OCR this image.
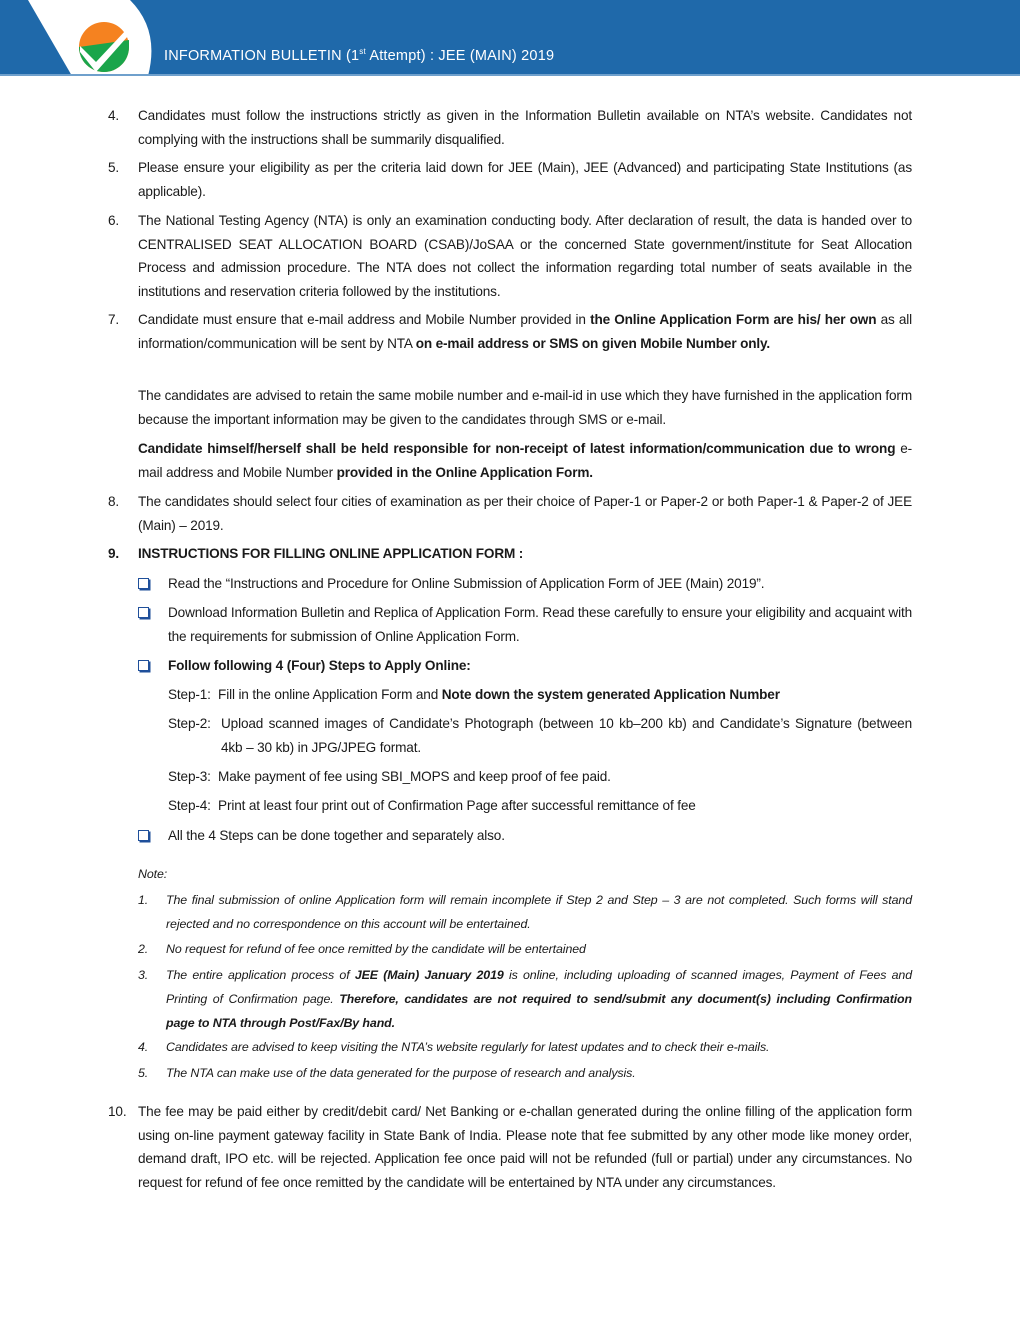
INFORMATION BULLETIN (1st Attempt) : JEE (MAIN) 2019
4. Candidates must follow the instructions strictly as given in the Information Bulletin available on NTA’s website. Candidates not complying with the instructions shall be summarily disqualified.
5. Please ensure your eligibility as per the criteria laid down for JEE (Main), JEE (Advanced) and participating State Institutions (as applicable).
6. The National Testing Agency (NTA) is only an examination conducting body. After declaration of result, the data is handed over to CENTRALISED SEAT ALLOCATION BOARD (CSAB)/JoSAA or the concerned State government/institute for Seat Allocation Process and admission procedure. The NTA does not collect the information regarding total number of seats available in the institutions and reservation criteria followed by the institutions.
7. Candidate must ensure that e-mail address and Mobile Number provided in the Online Application Form are his/ her own as all information/communication will be sent by NTA on e-mail address or SMS on given Mobile Number only.
The candidates are advised to retain the same mobile number and e-mail-id in use which they have furnished in the application form because the important information may be given to the candidates through SMS or e-mail.
Candidate himself/herself shall be held responsible for non-receipt of latest information/communication due to wrong e-mail address and Mobile Number provided in the Online Application Form.
8. The candidates should select four cities of examination as per their choice of Paper-1 or Paper-2 or both Paper-1 & Paper-2 of JEE (Main) – 2019.
9. INSTRUCTIONS FOR FILLING ONLINE APPLICATION FORM :
Read the “Instructions and Procedure for Online Submission of Application Form of JEE (Main) 2019”.
Download Information Bulletin and Replica of Application Form. Read these carefully to ensure your eligibility and acquaint with the requirements for submission of Online Application Form.
Follow following 4 (Four) Steps to Apply Online:
Step-1: Fill in the online Application Form and Note down the system generated Application Number
Step-2: Upload scanned images of Candidate’s Photograph (between 10 kb–200 kb) and Candidate’s Signature (between 4kb – 30 kb) in JPG/JPEG format.
Step-3: Make payment of fee using SBI_MOPS and keep proof of fee paid.
Step-4: Print at least four print out of Confirmation Page after successful remittance of fee
All the 4 Steps can be done together and separately also.
Note:
1. The final submission of online Application form will remain incomplete if Step 2 and Step – 3 are not completed. Such forms will stand rejected and no correspondence on this account will be entertained.
2. No request for refund of fee once remitted by the candidate will be entertained
3. The entire application process of JEE (Main) January 2019 is online, including uploading of scanned images, Payment of Fees and Printing of Confirmation page. Therefore, candidates are not required to send/submit any document(s) including Confirmation page to NTA through Post/Fax/By hand.
4. Candidates are advised to keep visiting the NTA’s website regularly for latest updates and to check their e-mails.
5. The NTA can make use of the data generated for the purpose of research and analysis.
10. The fee may be paid either by credit/debit card/ Net Banking or e-challan generated during the online filling of the application form using on-line payment gateway facility in State Bank of India. Please note that fee submitted by any other mode like money order, demand draft, IPO etc. will be rejected. Application fee once paid will not be refunded (full or partial) under any circumstances. No request for refund of fee once remitted by the candidate will be entertained by NTA under any circumstances.
